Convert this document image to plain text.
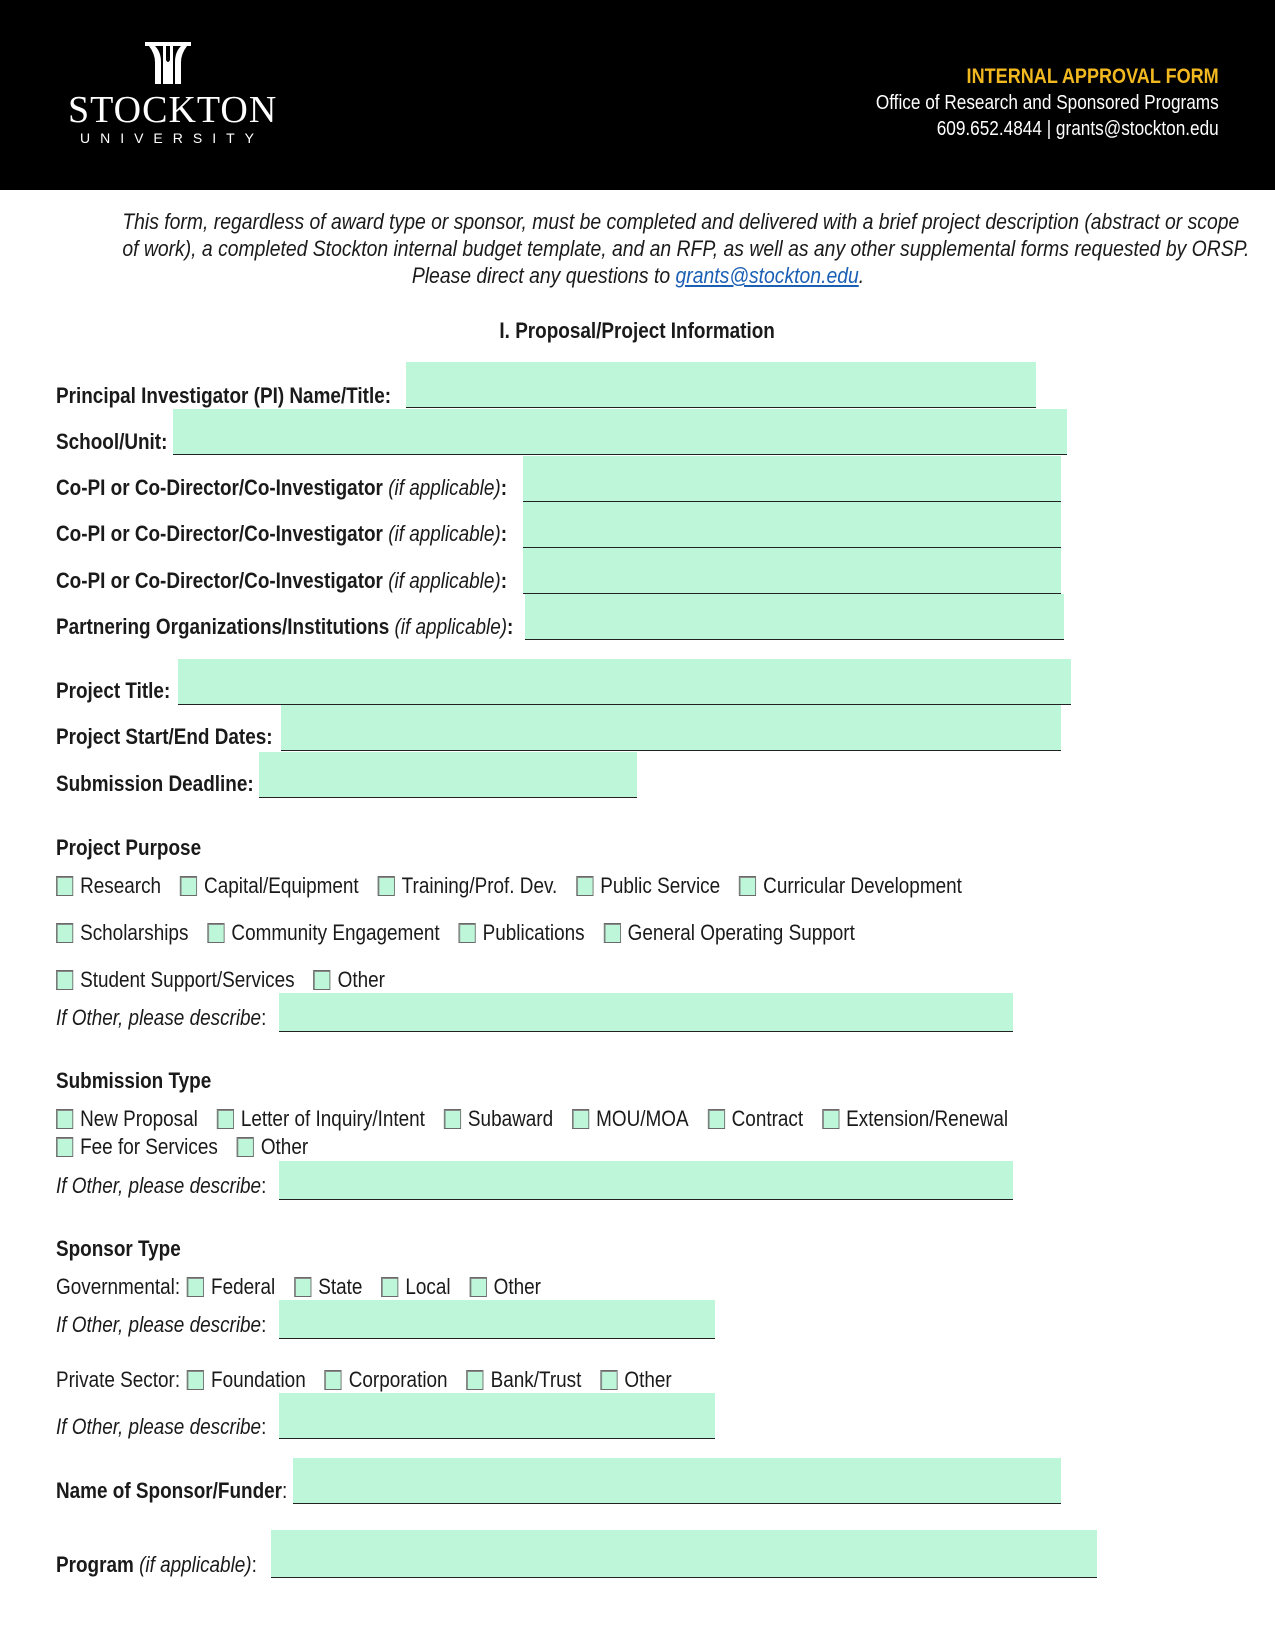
STOCKTON
UNIVERSITY
INTERNAL APPROVAL FORM
Office of Research and Sponsored Programs
609.652.4844 | grants@stockton.edu
This form, regardless of award type or sponsor, must be completed and delivered with a brief project description (abstract or scope
of work), a completed Stockton internal budget template, and an RFP, as well as any other supplemental forms requested by ORSP.
Please direct any questions to grants@stockton.edu.
I. Proposal/Project Information
Principal Investigator (PI) Name/Title:
School/Unit:
Co-PI or Co-Director/Co-Investigator (if applicable):
Co-PI or Co-Director/Co-Investigator (if applicable):
Co-PI or Co-Director/Co-Investigator (if applicable):
Partnering Organizations/Institutions (if applicable):
Project Title:
Project Start/End Dates:
Submission Deadline:
Project Purpose
Research Capital/Equipment Training/Prof. Dev. Public Service Curricular Development
Scholarships Community Engagement Publications General Operating Support
Student Support/Services Other
If Other, please describe:
Submission Type
New Proposal Letter of Inquiry/Intent Subaward MOU/MOA Contract Extension/Renewal
Fee for Services Other
If Other, please describe:
Sponsor Type
Governmental: Federal State Local Other
If Other, please describe:
Private Sector: Foundation Corporation Bank/Trust Other
If Other, please describe:
Name of Sponsor/Funder:
Program (if applicable):
